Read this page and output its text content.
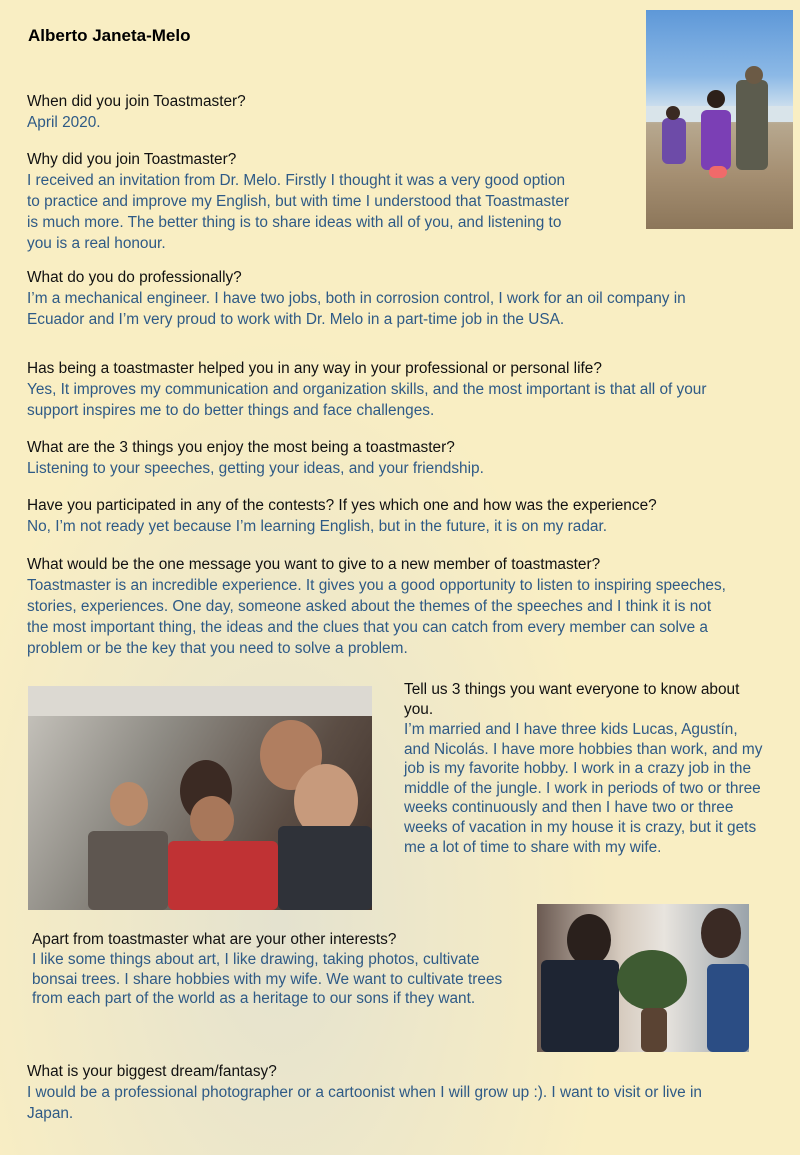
Alberto Janeta-Melo
When did you join Toastmaster?
April 2020.
Why did you join Toastmaster?
I received an invitation from Dr. Melo. Firstly I thought it was a very good option to practice and improve my English, but with time I understood that Toastmaster is much more. The better thing is to share ideas with all of you, and listening to you is a real honour.
What do you do professionally?
I’m a mechanical engineer. I have two jobs, both in corrosion control, I work for an oil company in Ecuador and I’m very proud to work with Dr. Melo in a part-time job in the USA.
Has being a toastmaster helped you in any way in your professional or personal life?
Yes, It improves my communication and organization skills, and the most important is that all of your support inspires me to do better things and face challenges.
What are the 3 things you enjoy the most being a toastmaster?
Listening to your speeches, getting your ideas, and your friendship.
Have you participated in any of the contests? If yes which one and how was the experience?
No, I’m not ready yet because I’m learning English, but in the future, it is on my radar.
What would be the one message you want to give to a new member of toastmaster?
Toastmaster is an incredible experience. It gives you a good opportunity to listen to inspiring speeches, stories, experiences. One day, someone asked about the themes of the speeches and I think it is not the most important thing, the ideas and the clues that you can catch from every member can solve a problem or be the key that you need to solve a problem.
Tell us 3 things you want everyone to know about you.
I’m married and I have three kids Lucas, Agustín, and Nicolás. I have more hobbies than work, and my job is my favorite hobby. I work in a crazy job in the middle of the jungle. I work in periods of two or three weeks continuously and then I have two or three weeks of vacation in my house it is crazy, but it gets me a lot of time to share with my wife.
Apart from toastmaster what are your other interests?
I like some things about art, I like drawing, taking photos, cultivate bonsai trees. I share hobbies with my wife. We want to cultivate trees from each part of the world as a heritage to our sons if they want.
What is your biggest dream/fantasy?
I would be a professional photographer or a cartoonist when I will grow up :). I want to visit or live in Japan.
